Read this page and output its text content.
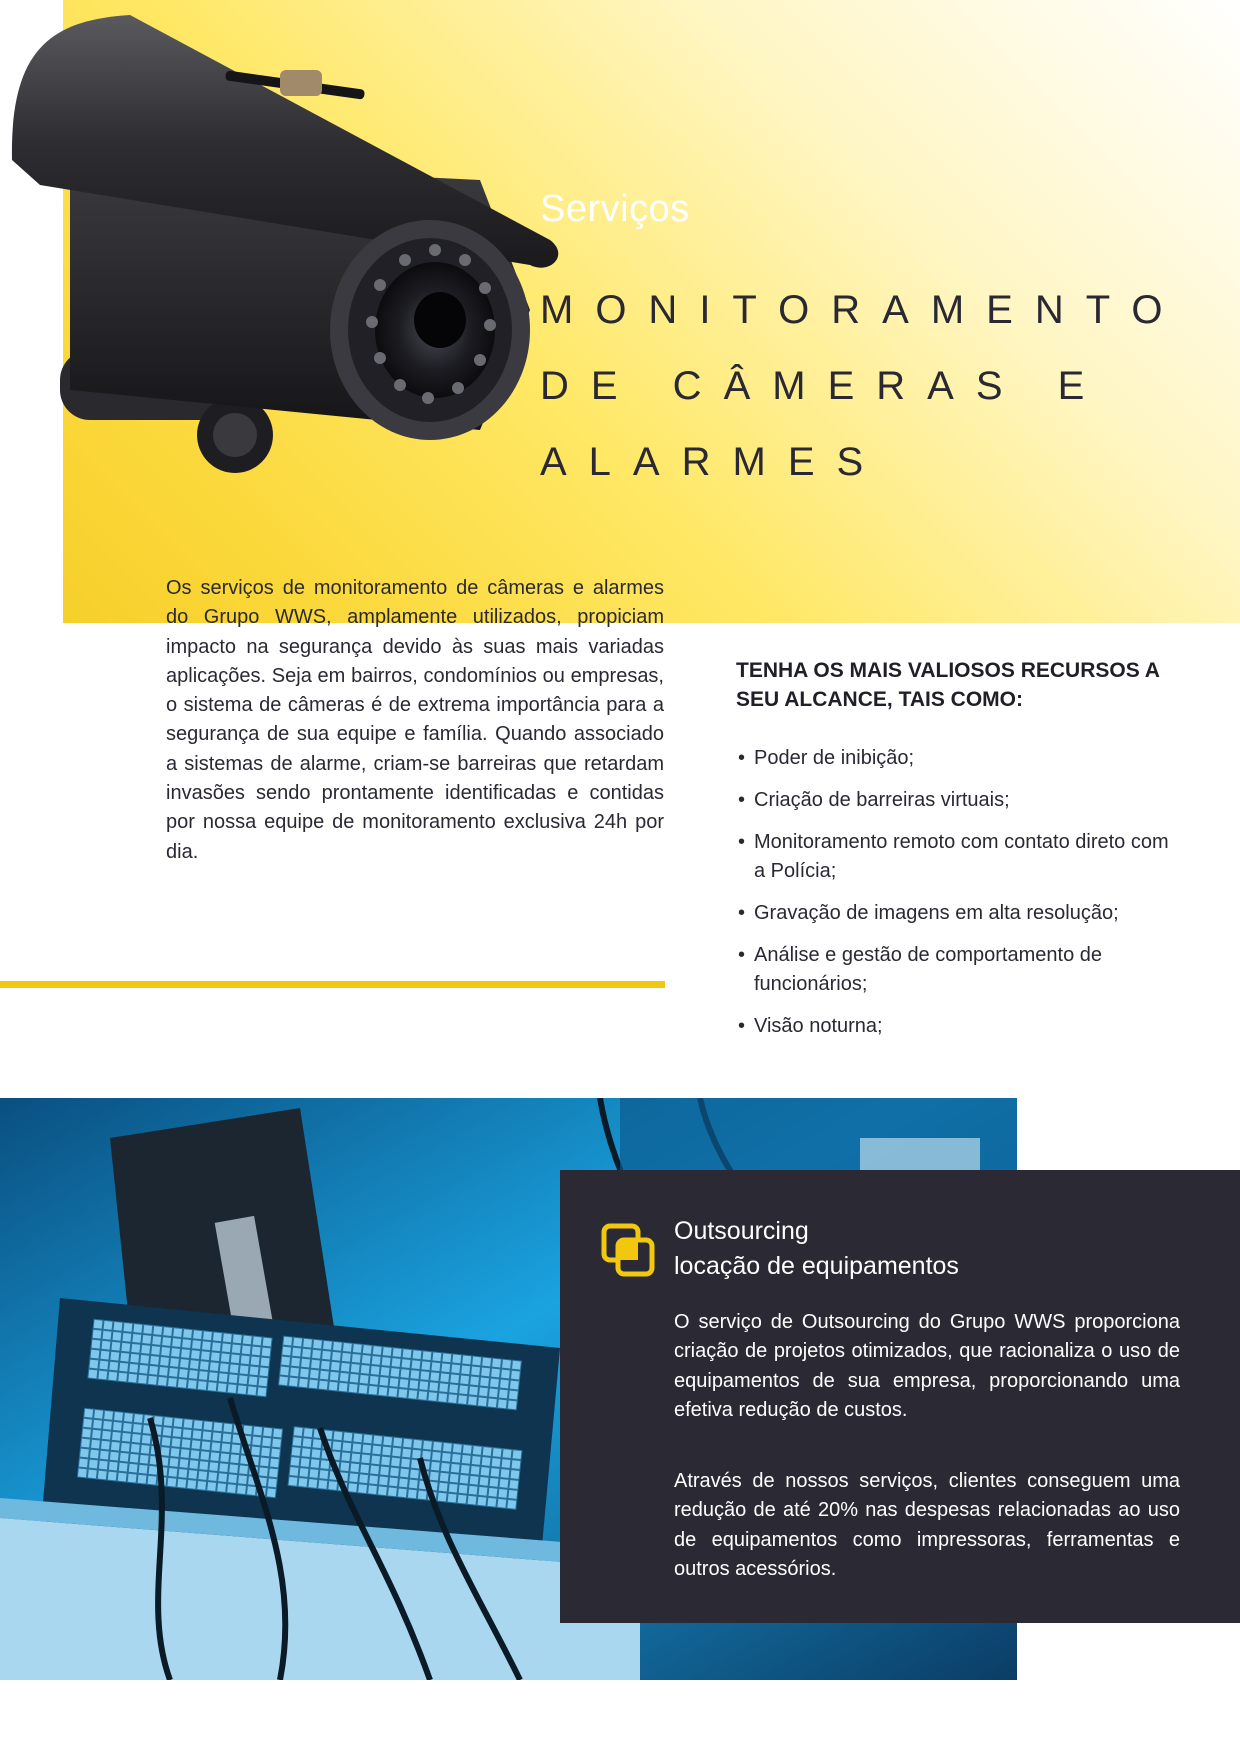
Serviços
MONITORAMENTO DE CÂMERAS E ALARMES

Os serviços de monitoramento de câmeras e alarmes do Grupo WWS, amplamente utilizados, propiciam impacto na segurança devido às suas mais variadas aplicações. Seja em bairros, condomínios ou empresas, o sistema de câmeras é de extrema importância para a segurança de sua equipe e família. Quando associado a sistemas de alarme, criam-se barreiras que retardam invasões sendo prontamente identificadas e contidas por nossa equipe de monitoramento exclusiva 24h por dia.

TENHA OS MAIS VALIOSOS RECURSOS A SEU ALCANCE, TAIS COMO:
• Poder de inibição;
• Criação de barreiras virtuais;
• Monitoramento remoto com contato direto com a Polícia;
• Gravação de imagens em alta resolução;
• Análise e gestão de comportamento de funcionários;
• Visão noturna;
Outsourcing
locação de equipamentos

O serviço de Outsourcing do Grupo WWS proporciona criação de projetos otimizados, que racionaliza o uso de equipamentos de sua empresa, proporcionando uma efetiva redução de custos.

Através de nossos serviços, clientes conseguem uma redução de até 20% nas despesas relacionadas ao uso de equipamentos como impressoras, ferramentas e outros acessórios.
